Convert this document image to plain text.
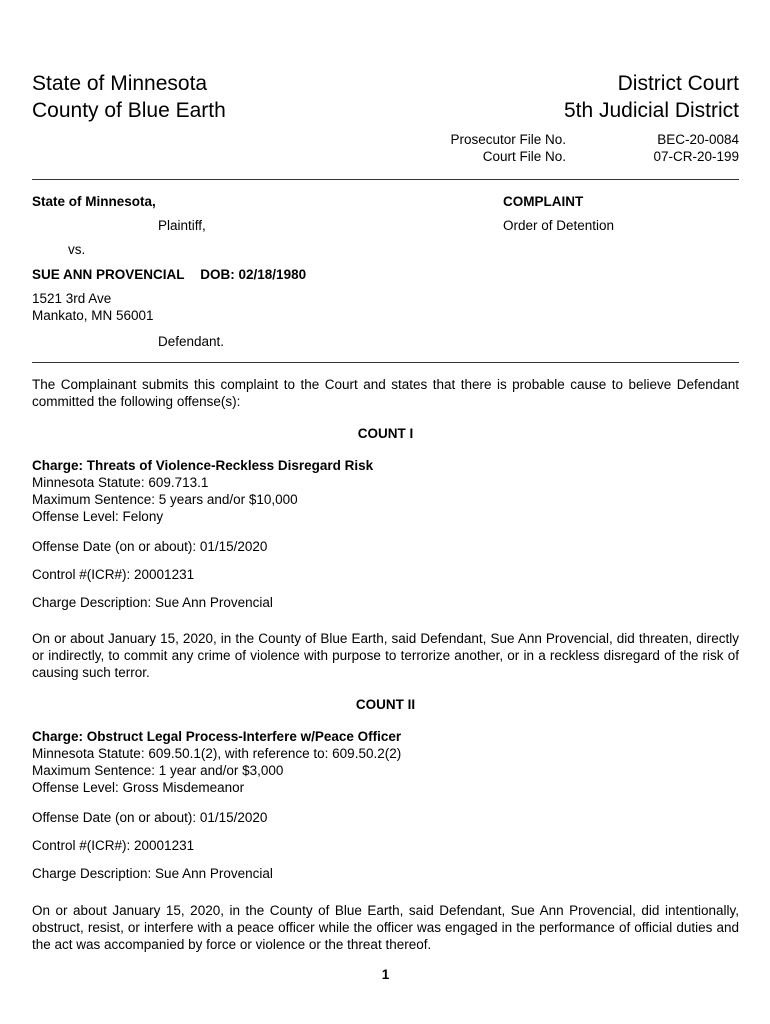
State of Minnesota
County of Blue Earth
District Court
5th Judicial District
Prosecutor File No.	BEC-20-0084
Court File No.	07-CR-20-199
State of Minnesota,	COMPLAINT
Plaintiff,	Order of Detention
vs.
SUE ANN PROVENCIAL DOB: 02/18/1980
1521 3rd Ave
Mankato, MN 56001
Defendant.
The Complainant submits this complaint to the Court and states that there is probable cause to believe Defendant committed the following offense(s):
COUNT I
Charge: Threats of Violence-Reckless Disregard Risk
Minnesota Statute: 609.713.1
Maximum Sentence: 5 years and/or $10,000
Offense Level: Felony
Offense Date (on or about): 01/15/2020
Control #(ICR#): 20001231
Charge Description: Sue Ann Provencial
On or about January 15, 2020, in the County of Blue Earth, said Defendant, Sue Ann Provencial, did threaten, directly or indirectly, to commit any crime of violence with purpose to terrorize another, or in a reckless disregard of the risk of causing such terror.
COUNT II
Charge: Obstruct Legal Process-Interfere w/Peace Officer
Minnesota Statute: 609.50.1(2), with reference to: 609.50.2(2)
Maximum Sentence: 1 year and/or $3,000
Offense Level: Gross Misdemeanor
Offense Date (on or about): 01/15/2020
Control #(ICR#): 20001231
Charge Description: Sue Ann Provencial
On or about January 15, 2020, in the County of Blue Earth, said Defendant, Sue Ann Provencial, did intentionally, obstruct, resist, or interfere with a peace officer while the officer was engaged in the performance of official duties and the act was accompanied by force or violence or the threat thereof.
1
